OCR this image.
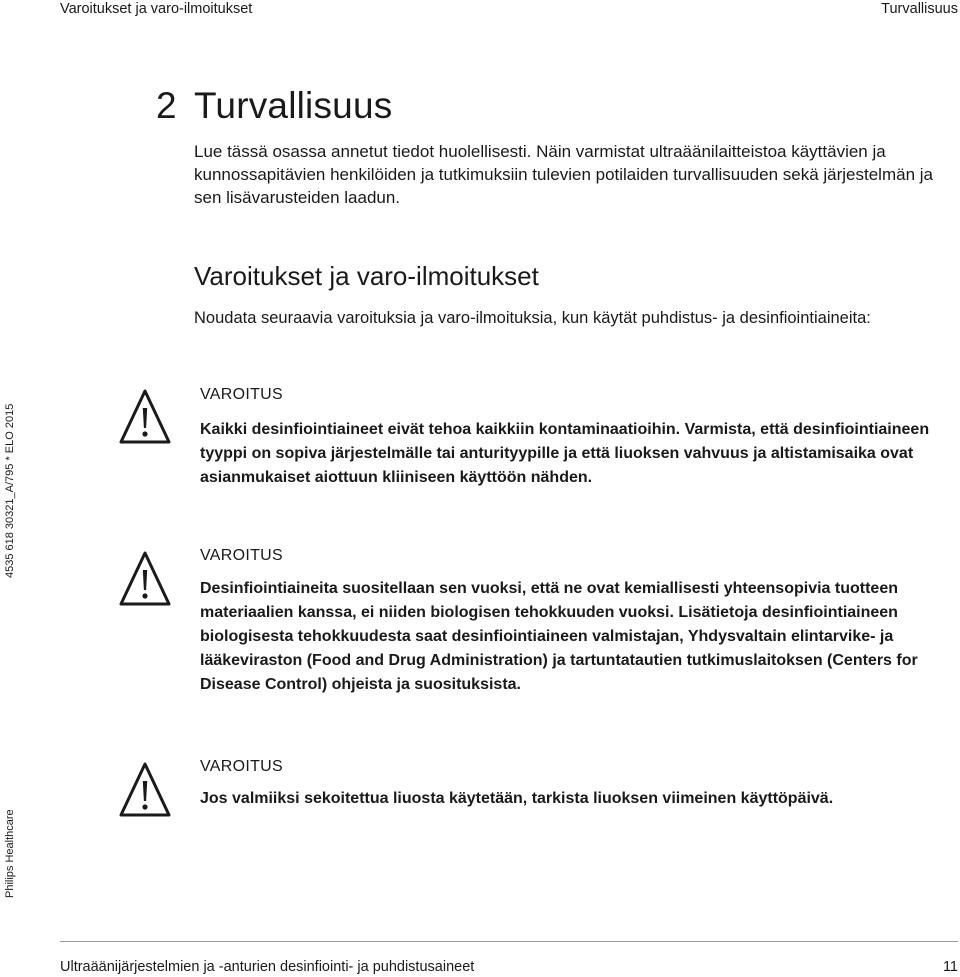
Varoitukset ja varo-ilmoitukset	Turvallisuus
2 Turvallisuus

Lue tässä osassa annetut tiedot huolellisesti. Näin varmistat ultraäänilaitteistoa käyttävien ja kunnossapitävien henkilöiden ja tutkimuksiin tulevien potilaiden turvallisuuden sekä järjestelmän ja sen lisävarusteiden laadun.

Varoitukset ja varo-ilmoitukset

Noudata seuraavia varoituksia ja varo-ilmoituksia, kun käytät puhdistus- ja desinfiointiaineita:

VAROITUS

Kaikki desinfiointiaineet eivät tehoa kaikkiin kontaminaatioihin. Varmista, että desinfiointiaineen tyyppi on sopiva järjestelmälle tai anturityypille ja että liuoksen vahvuus ja altistamisaika ovat asianmukaiset aiottuun kliiniseen käyttöön nähden.

VAROITUS

Desinfiointiaineita suositellaan sen vuoksi, että ne ovat kemiallisesti yhteensopivia tuotteen materiaalien kanssa, ei niiden biologisen tehokkuuden vuoksi. Lisätietoja desinfiointiaineen biologisesta tehokkuudesta saat desinfiointiaineen valmistajan, Yhdysvaltain elintarvike- ja lääkeviraston (Food and Drug Administration) ja tartuntatautien tutkimuslaitoksen (Centers for Disease Control) ohjeista ja suosituksista.

VAROITUS

Jos valmiiksi sekoitettua liuosta käytetään, tarkista liuoksen viimeinen käyttöpäivä.

4535 618 30321_A/795 * ELO 2015
Philips Healthcare
Ultraäänijärjestelmien ja -anturien desinfiointi- ja puhdistusaineet	11
